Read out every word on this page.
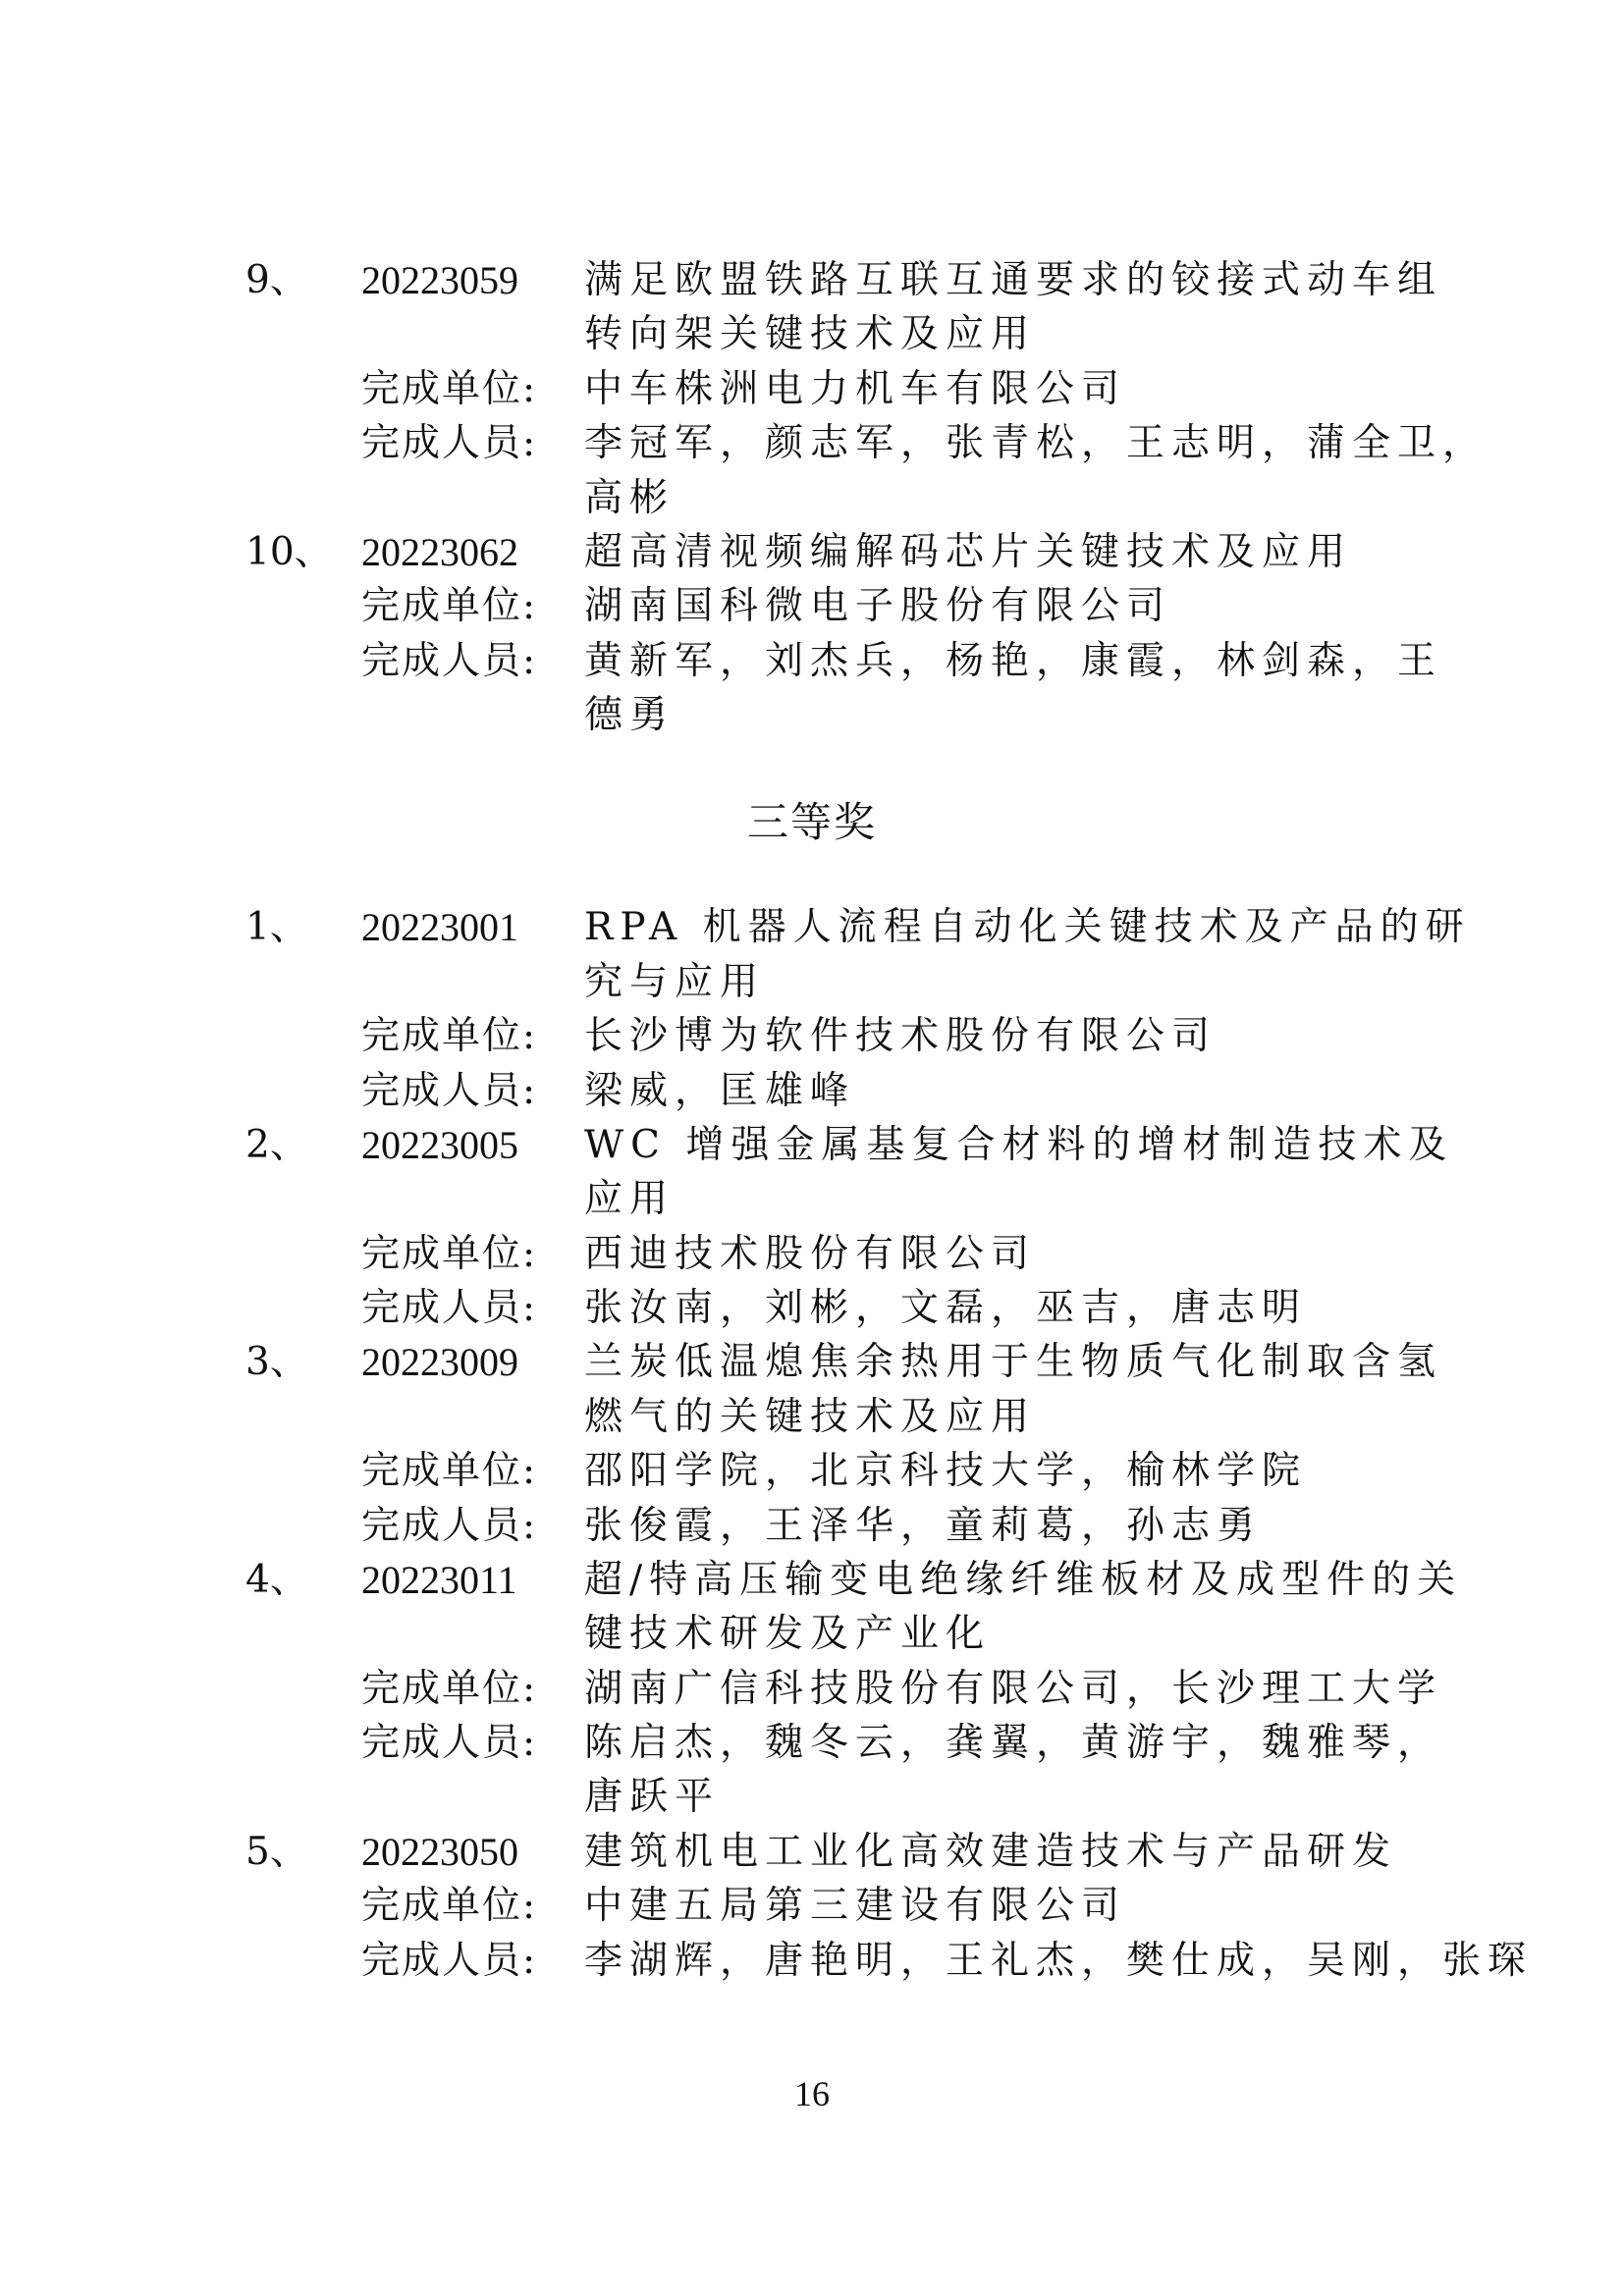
9、 20223059 满足欧盟铁路互联互通要求的铰接式动车组
转向架关键技术及应用
完成单位: 中车株洲电力机车有限公司
完成人员: 李冠军，颜志军，张青松，王志明，蒲全卫，
高彬
10、 20223062 超高清视频编解码芯片关键技术及应用
完成单位: 湖南国科微电子股份有限公司
完成人员: 黄新军，刘杰兵，杨艳，康霞，林剑森，王
德勇
1、 20223001 RPA 机器人流程自动化关键技术及产品的研
究与应用
完成单位: 长沙博为软件技术股份有限公司
完成人员: 梁威，匡雄峰
2、 20223005 WC 增强金属基复合材料的增材制造技术及
应用
完成单位: 西迪技术股份有限公司
完成人员: 张汝南，刘彬，文磊，巫吉，唐志明
3、 20223009 兰炭低温熄焦余热用于生物质气化制取含氢
燃气的关键技术及应用
完成单位: 邵阳学院，北京科技大学，榆林学院
完成人员: 张俊霞，王泽华，童莉葛，孙志勇
4、 20223011 超/特高压输变电绝缘纤维板材及成型件的关
键技术研发及产业化
完成单位: 湖南广信科技股份有限公司，长沙理工大学
完成人员: 陈启杰，魏冬云，龚翼，黄游宇，魏雅琴，
唐跃平
5、 20223050 建筑机电工业化高效建造技术与产品研发
完成单位: 中建五局第三建设有限公司
完成人员: 李湖辉，唐艳明，王礼杰，樊仕成，吴刚，张琛
三等奖
16
